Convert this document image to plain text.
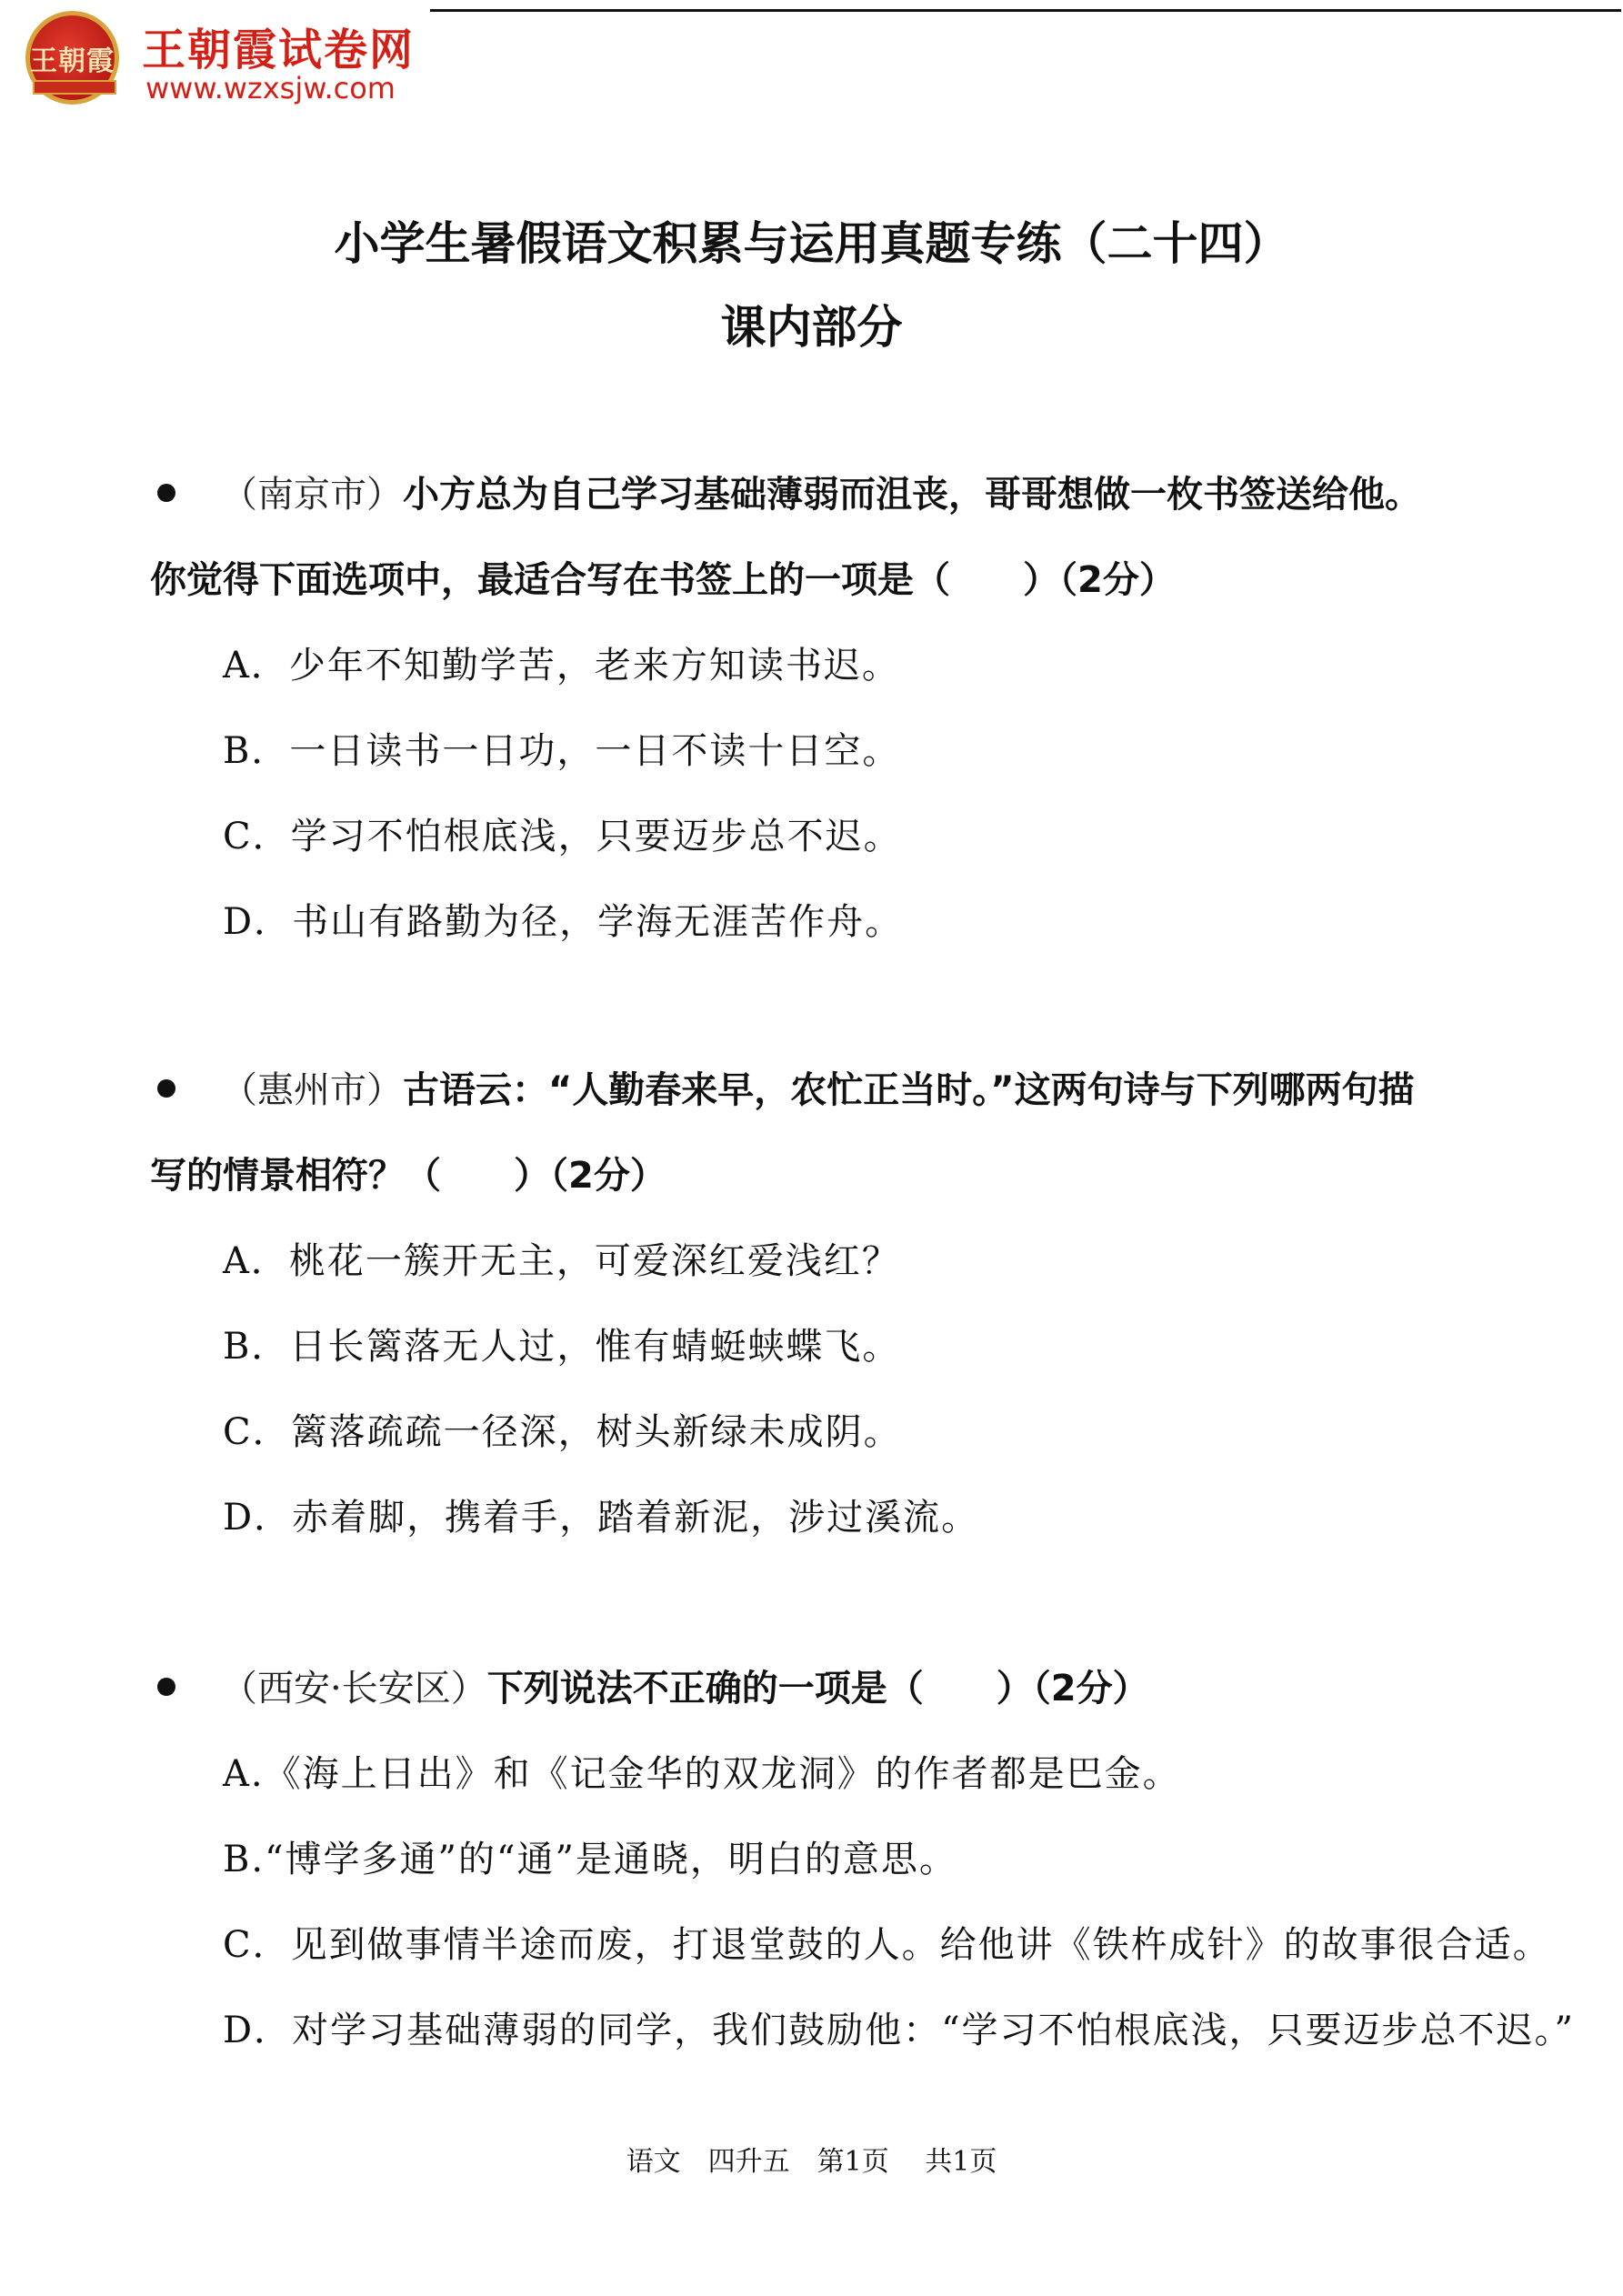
王朝霞 王朝霞试卷网
www.wzxsjw.com
小学生暑假语文积累与运用真题专练（二十四）
课内部分
（南京市）小方总为自己学习基础薄弱而沮丧，哥哥想做一枚书签送给他。
你觉得下面选项中，最适合写在书签上的一项是（　　）（2分）
A．少年不知勤学苦，老来方知读书迟。
B．一日读书一日功，一日不读十日空。
C．学习不怕根底浅，只要迈步总不迟。
D．书山有路勤为径，学海无涯苦作舟。
（惠州市）古语云：“人勤春来早，农忙正当时。”这两句诗与下列哪两句描
写的情景相符？（　　）（2分）
A．桃花一簇开无主，可爱深红爱浅红？
B．日长篱落无人过，惟有蜻蜓蛱蝶飞。
C．篱落疏疏一径深，树头新绿未成阴。
D．赤着脚，携着手，踏着新泥，涉过溪流。
（西安·长安区）下列说法不正确的一项是（　　）（2分）
A.《海上日出》和《记金华的双龙洞》的作者都是巴金。
B.“博学多通”的“通”是通晓，明白的意思。
C．见到做事情半途而废，打退堂鼓的人。给他讲《铁杵成针》的故事很合适。
D．对学习基础薄弱的同学，我们鼓励他：“学习不怕根底浅，只要迈步总不迟。”
语文　四升五　第1页　 共1页
